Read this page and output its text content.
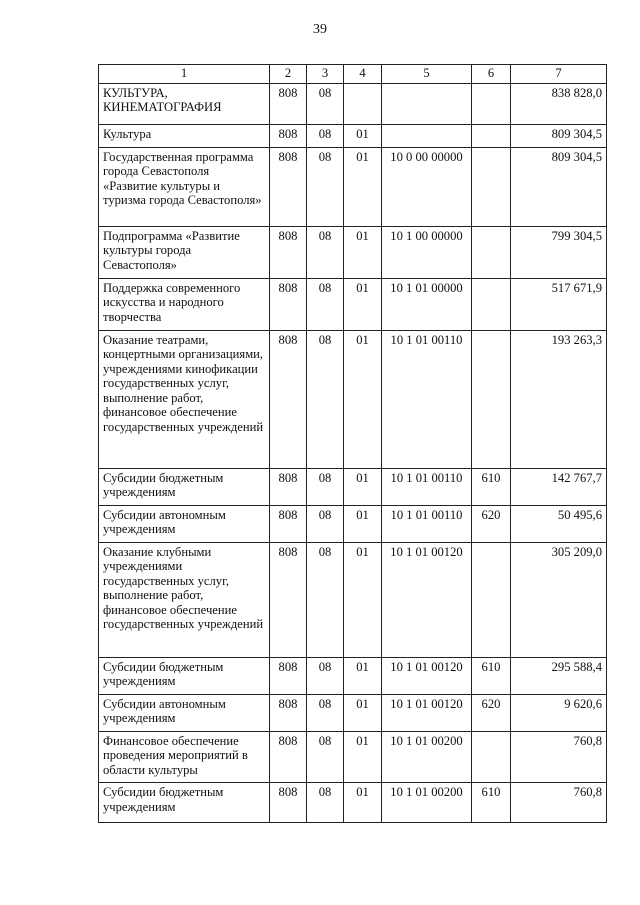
39
1	2	3	4	5	6	7
КУЛЬТУРА, КИНЕМАТОГРАФИЯ	808	08				838 828,0
Культура	808	08	01			809 304,5
Государственная программа города Севастополя «Развитие культуры и туризма города Севастополя»	808	08	01	10 0 00 00000		809 304,5
Подпрограмма «Развитие культуры города Севастополя»	808	08	01	10 1 00 00000		799 304,5
Поддержка современного искусства и народного творчества	808	08	01	10 1 01 00000		517 671,9
Оказание театрами, концертными организациями, учреждениями кинофикации государственных услуг, выполнение работ, финансовое обеспечение государственных учреждений	808	08	01	10 1 01 00110		193 263,3
Субсидии бюджетным учреждениям	808	08	01	10 1 01 00110	610	142 767,7
Субсидии автономным учреждениям	808	08	01	10 1 01 00110	620	50 495,6
Оказание клубными учреждениями государственных услуг, выполнение работ, финансовое обеспечение государственных учреждений	808	08	01	10 1 01 00120		305 209,0
Субсидии бюджетным учреждениям	808	08	01	10 1 01 00120	610	295 588,4
Субсидии автономным учреждениям	808	08	01	10 1 01 00120	620	9 620,6
Финансовое обеспечение проведения мероприятий в области культуры	808	08	01	10 1 01 00200		760,8
Субсидии бюджетным учреждениям	808	08	01	10 1 01 00200	610	760,8
